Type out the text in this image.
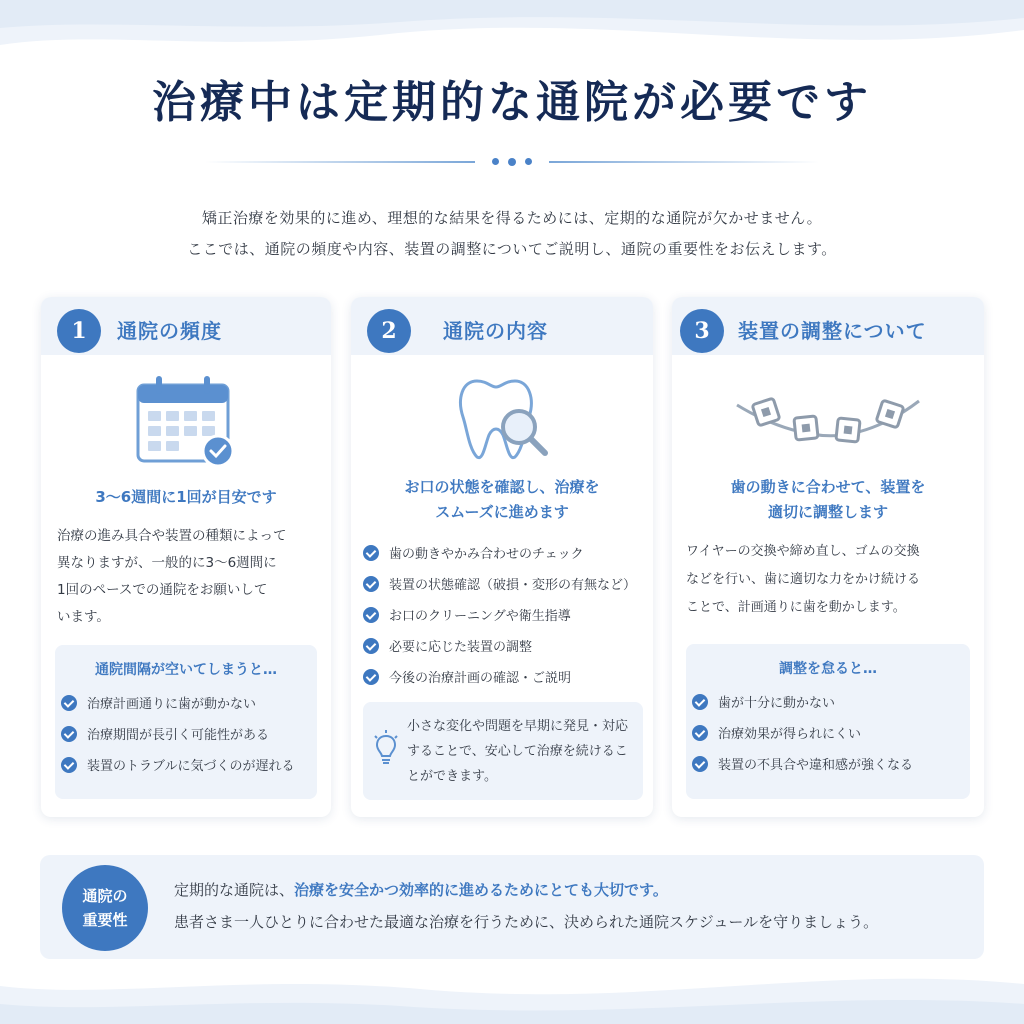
治療中は定期的な通院が必要です
矯正治療を効果的に進め、理想的な結果を得るためには、定期的な通院が欠かせません。
ここでは、通院の頻度や内容、装置の調整についてご説明し、通院の重要性をお伝えします。
1	通院の頻度
3～6週間に1回が目安です
治療の進み具合や装置の種類によって
異なりますが、一般的に3～6週間に
1回のペースでの通院をお願いして
います。
通院間隔が空いてしまうと…
治療計画通りに歯が動かない
治療期間が長引く可能性がある
装置のトラブルに気づくのが遅れる
2	通院の内容
お口の状態を確認し、治療を
スムーズに進めます
歯の動きやかみ合わせのチェック
装置の状態確認（破損・変形の有無など）
お口のクリーニングや衛生指導
必要に応じた装置の調整
今後の治療計画の確認・ご説明
小さな変化や問題を早期に発見・対応
することで、安心して治療を続けるこ
とができます。
3	装置の調整について
歯の動きに合わせて、装置を
適切に調整します
ワイヤーの交換や締め直し、ゴムの交換
などを行い、歯に適切な力をかけ続ける
ことで、計画通りに歯を動かします。
調整を怠ると…
歯が十分に動かない
治療効果が得られにくい
装置の不具合や違和感が強くなる
通院の
重要性
定期的な通院は、治療を安全かつ効率的に進めるためにとても大切です。
患者さま一人ひとりに合わせた最適な治療を行うために、決められた通院スケジュールを守りましょう。
